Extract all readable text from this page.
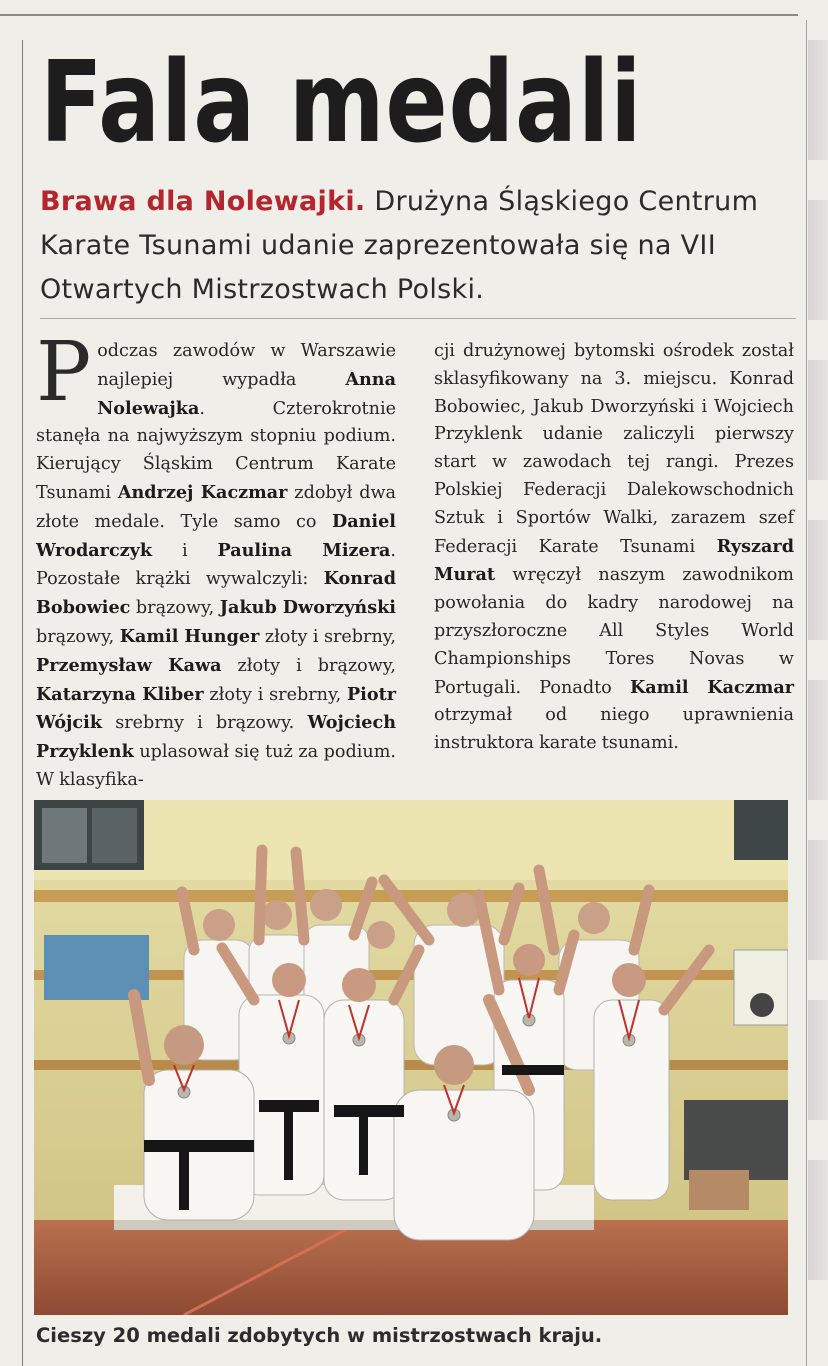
Fala medali

Brawa dla Nolewajki. Drużyna Śląskiego Centrum Karate Tsunami udanie zaprezentowała się na VII Otwartych Mistrzostwach Polski.

P odczas zawodów w Warszawie najlepiej wypadła Anna Nolewajka. Czterokrotnie stanęła na najwyższym stopniu podium. Kierujący Śląskim Centrum Karate Tsunami Andrzej Kaczmar zdobył dwa złote medale. Tyle samo co Daniel Wrodarczyk i Paulina Mizera. Pozostałe krążki wywalczyli: Konrad Bobowiec brązowy, Jakub Dworzyński brązowy, Kamil Hunger złoty i srebrny, Przemysław Kawa złoty i brązowy, Katarzyna Kliber złoty i srebrny, Piotr Wójcik srebrny i brązowy. Wojciech Przyklenk uplasował się tuż za podium. W klasyfika-
cji drużynowej bytomski ośrodek został sklasyfikowany na 3. miejscu. Konrad Bobowiec, Jakub Dworzyński i Wojciech Przyklenk udanie zaliczyli pierwszy start w zawodach tej rangi. Prezes Polskiej Federacji Dalekowschodnich Sztuk i Sportów Walki, zarazem szef Federacji Karate Tsunami Ryszard Murat wręczył naszym zawodnikom powołania do kadry narodowej na przyszłoroczne All Styles World Championships Tores Novas w Portugali. Ponadto Kamil Kaczmar otrzymał od niego uprawnienia instruktora karate tsunami.

Cieszy 20 medali zdobytych w mistrzostwach kraju.
